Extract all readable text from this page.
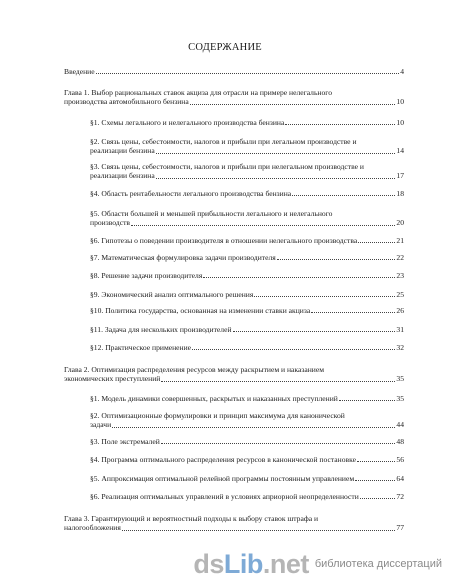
СОДЕРЖАНИЕ
Введение	4
Глава 1. Выбор рациональных ставок акциза для отрасли на примере нелегального
производства автомобильного бензина	10
§1. Схемы легального и нелегального производства бензина	10
§2. Связь цены, себестоимости, налогов и прибыли при легальном производстве и
реализации бензина	14
§3. Связь цены, себестоимости, налогов и прибыли при нелегальном производстве и
реализации бензина	17
§4. Область рентабельности легального производства бензина	18
§5. Области большей и меньшей прибыльности легального и нелегального
производств	20
§6. Гипотезы о поведении производителя в отношении нелегального производства	21
§7. Математическая формулировка задачи производителя	22
§8. Решение задачи производителя	23
§9. Экономический анализ оптимального решения	25
§10. Политика государства, основанная на изменении ставки акциза	26
§11. Задача для нескольких производителей	31
§12. Практическое применение	32
Глава 2. Оптимизация распределения ресурсов между раскрытием и наказанием
экономических преступлений	35
§1. Модель динамики совершенных, раскрытых и наказанных преступлений	35
§2. Оптимизационные формулировки и принцип максимума для канонической
задачи	44
§3. Поле экстремалей	48
§4. Программа оптимального распределения ресурсов в канонической постановке	56
§5. Аппроксимация оптимальной релейной программы постоянным управлением	64
§6. Реализация оптимальных управлений в условиях априорной неопределенности	72
Глава 3. Гарантирующий и вероятностный подходы к выбору ставок штрафа и
налогообложения	77
dsLib.net библиотека диссертаций
